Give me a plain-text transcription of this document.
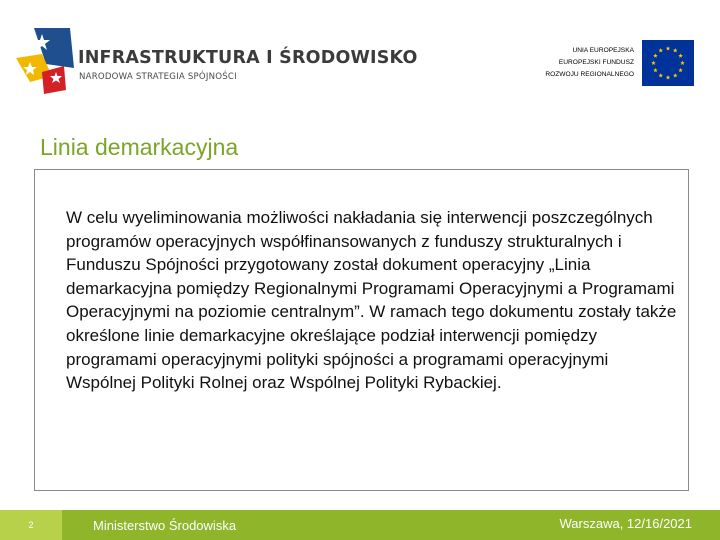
INFRASTRUKTURA I ŚRODOWISKO
NARODOWA STRATEGIA SPÓJNOŚCI
UNIA EUROPEJSKA
EUROPEJSKI FUNDUSZ
ROZWOJU REGIONALNEGO
Linia demarkacyjna
W celu wyeliminowania możliwości nakładania się interwencji poszczególnych programów operacyjnych współfinansowanych z funduszy strukturalnych i Funduszu Spójności przygotowany został dokument operacyjny „Linia demarkacyjna pomiędzy Regionalnymi Programami Operacyjnymi a Programami Operacyjnymi na poziomie centralnym”. W ramach tego dokumentu zostały także określone linie demarkacyjne określające podział interwencji pomiędzy programami operacyjnymi polityki spójności a programami operacyjnymi Wspólnej Polityki Rolnej oraz Wspólnej Polityki Rybackiej.
2	Ministerstwo Środowiska	Warszawa, 12/16/2021
